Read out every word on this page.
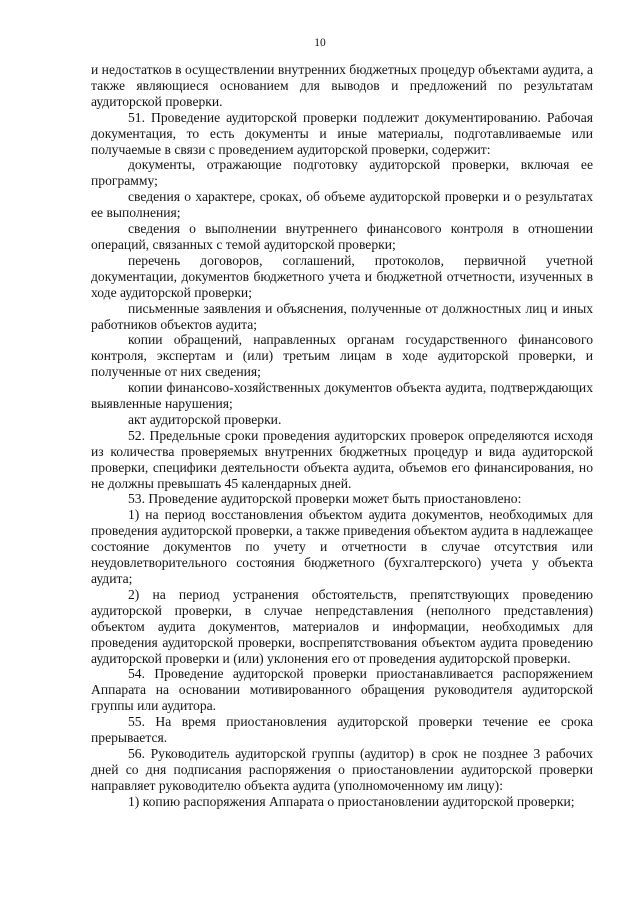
10

и недостатков в осуществлении внутренних бюджетных процедур объектами аудита, а также являющиеся основанием для выводов и предложений по результатам аудиторской проверки.

51. Проведение аудиторской проверки подлежит документированию. Рабочая документация, то есть документы и иные материалы, подготавливаемые или получаемые в связи с проведением аудиторской проверки, содержит:

документы, отражающие подготовку аудиторской проверки, включая ее программу;

сведения о характере, сроках, об объеме аудиторской проверки и о результатах ее выполнения;

сведения о выполнении внутреннего финансового контроля в отношении операций, связанных с темой аудиторской проверки;

перечень договоров, соглашений, протоколов, первичной учетной документации, документов бюджетного учета и бюджетной отчетности, изученных в ходе аудиторской проверки;

письменные заявления и объяснения, полученные от должностных лиц и иных работников объектов аудита;

копии обращений, направленных органам государственного финансового контроля, экспертам и (или) третьим лицам в ходе аудиторской проверки, и полученные от них сведения;

копии финансово-хозяйственных документов объекта аудита, подтверждающих выявленные нарушения;

акт аудиторской проверки.

52. Предельные сроки проведения аудиторских проверок определяются исходя из количества проверяемых внутренних бюджетных процедур и вида аудиторской проверки, специфики деятельности объекта аудита, объемов его финансирования, но не должны превышать 45 календарных дней.

53. Проведение аудиторской проверки может быть приостановлено:

1) на период восстановления объектом аудита документов, необходимых для проведения аудиторской проверки, а также приведения объектом аудита в надлежащее состояние документов по учету и отчетности в случае отсутствия или неудовлетворительного состояния бюджетного (бухгалтерского) учета у объекта аудита;

2) на период устранения обстоятельств, препятствующих проведению аудиторской проверки, в случае непредставления (неполного представления) объектом аудита документов, материалов и информации, необходимых для проведения аудиторской проверки, воспрепятствования объектом аудита проведению аудиторской проверки и (или) уклонения его от проведения аудиторской проверки.

54. Проведение аудиторской проверки приостанавливается распоряжением Аппарата на основании мотивированного обращения руководителя аудиторской группы или аудитора.

55. На время приостановления аудиторской проверки течение ее срока прерывается.

56. Руководитель аудиторской группы (аудитор) в срок не позднее 3 рабочих дней со дня подписания распоряжения о приостановлении аудиторской проверки направляет руководителю объекта аудита (уполномоченному им лицу):

1) копию распоряжения Аппарата о приостановлении аудиторской проверки;
